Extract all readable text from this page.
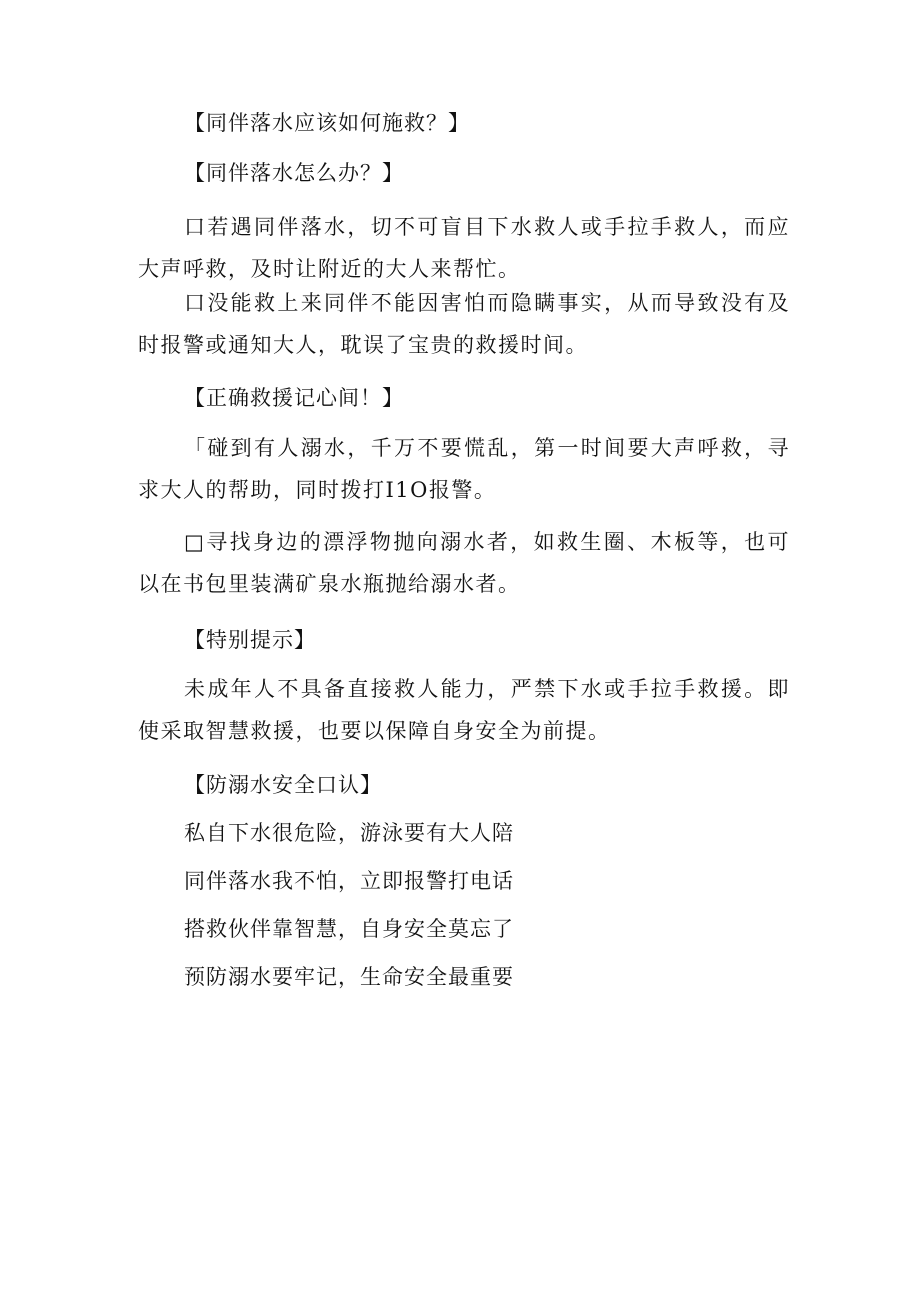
【同伴落水应该如何施救？】

【同伴落水怎么办？】

口若遇同伴落水，切不可盲目下水救人或手拉手救人，而应大声呼救，及时让附近的大人来帮忙。

口没能救上来同伴不能因害怕而隐瞒事实，从而导致没有及时报警或通知大人，耽误了宝贵的救援时间。

【正确救援记心间！】

「碰到有人溺水，千万不要慌乱，第一时间要大声呼救，寻求大人的帮助，同时拨打I1O报警。

□寻找身边的漂浮物抛向溺水者，如救生圈、木板等，也可以在书包里装满矿泉水瓶抛给溺水者。

【特别提示】

未成年人不具备直接救人能力，严禁下水或手拉手救援。即使采取智慧救援，也要以保障自身安全为前提。

【防溺水安全口认】

私自下水很危险，游泳要有大人陪

同伴落水我不怕，立即报警打电话

搭救伙伴靠智慧，自身安全莫忘了

预防溺水要牢记，生命安全最重要
